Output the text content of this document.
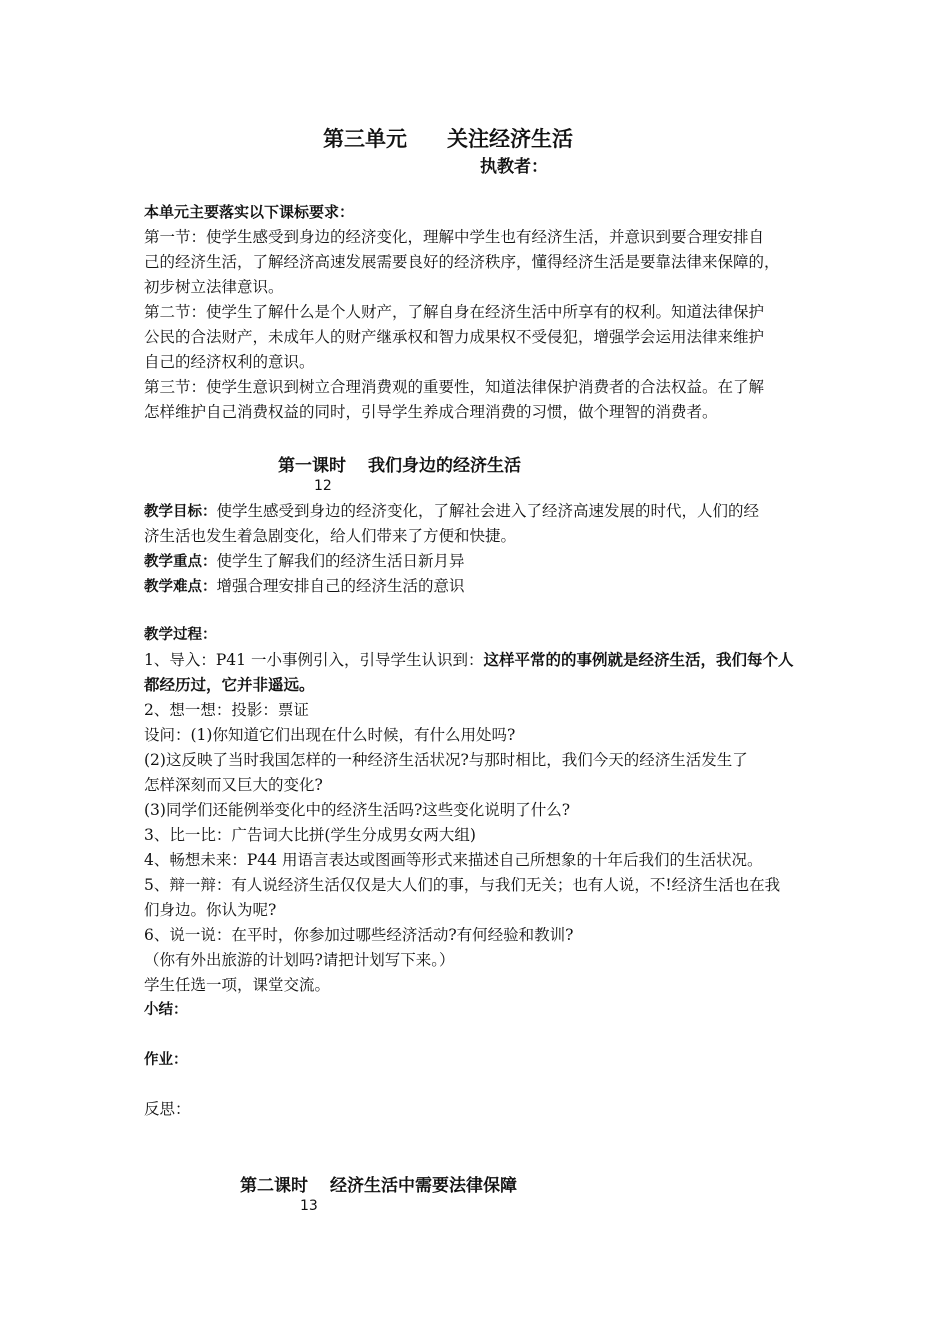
第三单元 关注经济生活
执教者：
本单元主要落实以下课标要求：
第一节：使学生感受到身边的经济变化，理解中学生也有经济生活，并意识到要合理安排自
己的经济生活，了解经济高速发展需要良好的经济秩序，懂得经济生活是要靠法律来保障的，
初步树立法律意识。
第二节：使学生了解什么是个人财产，了解自身在经济生活中所享有的权利。知道法律保护
公民的合法财产，未成年人的财产继承权和智力成果权不受侵犯，增强学会运用法律来维护
自己的经济权利的意识。
第三节：使学生意识到树立合理消费观的重要性，知道法律保护消费者的合法权益。在了解
怎样维护自己消费权益的同时，引导学生养成合理消费的习惯，做个理智的消费者。
第一课时 我们身边的经济生活
12
教学目标：使学生感受到身边的经济变化，了解社会进入了经济高速发展的时代，人们的经
济生活也发生着急剧变化，给人们带来了方便和快捷。
教学重点：使学生了解我们的经济生活日新月异
教学难点：增强合理安排自己的经济生活的意识
教学过程：
1、导入：P41 一小事例引入，引导学生认识到：这样平常的的事例就是经济生活，我们每个人
都经历过，它并非遥远。
2、想一想：投影：票证
设问：(1)你知道它们出现在什么时候，有什么用处吗?
(2)这反映了当时我国怎样的一种经济生活状况?与那时相比，我们今天的经济生活发生了
怎样深刻而又巨大的变化?
(3)同学们还能例举变化中的经济生活吗?这些变化说明了什么?
3、比一比：广告词大比拼(学生分成男女两大组)
4、畅想未来：P44 用语言表达或图画等形式来描述自己所想象的十年后我们的生活状况。
5、辩一辩：有人说经济生活仅仅是大人们的事，与我们无关；也有人说，不!经济生活也在我
们身边。你认为呢?
6、说一说：在平时，你参加过哪些经济活动?有何经验和教训?
（你有外出旅游的计划吗?请把计划写下来。）
学生任选一项，课堂交流。
小结：
作业：
反思：
第二课时 经济生活中需要法律保障
13
